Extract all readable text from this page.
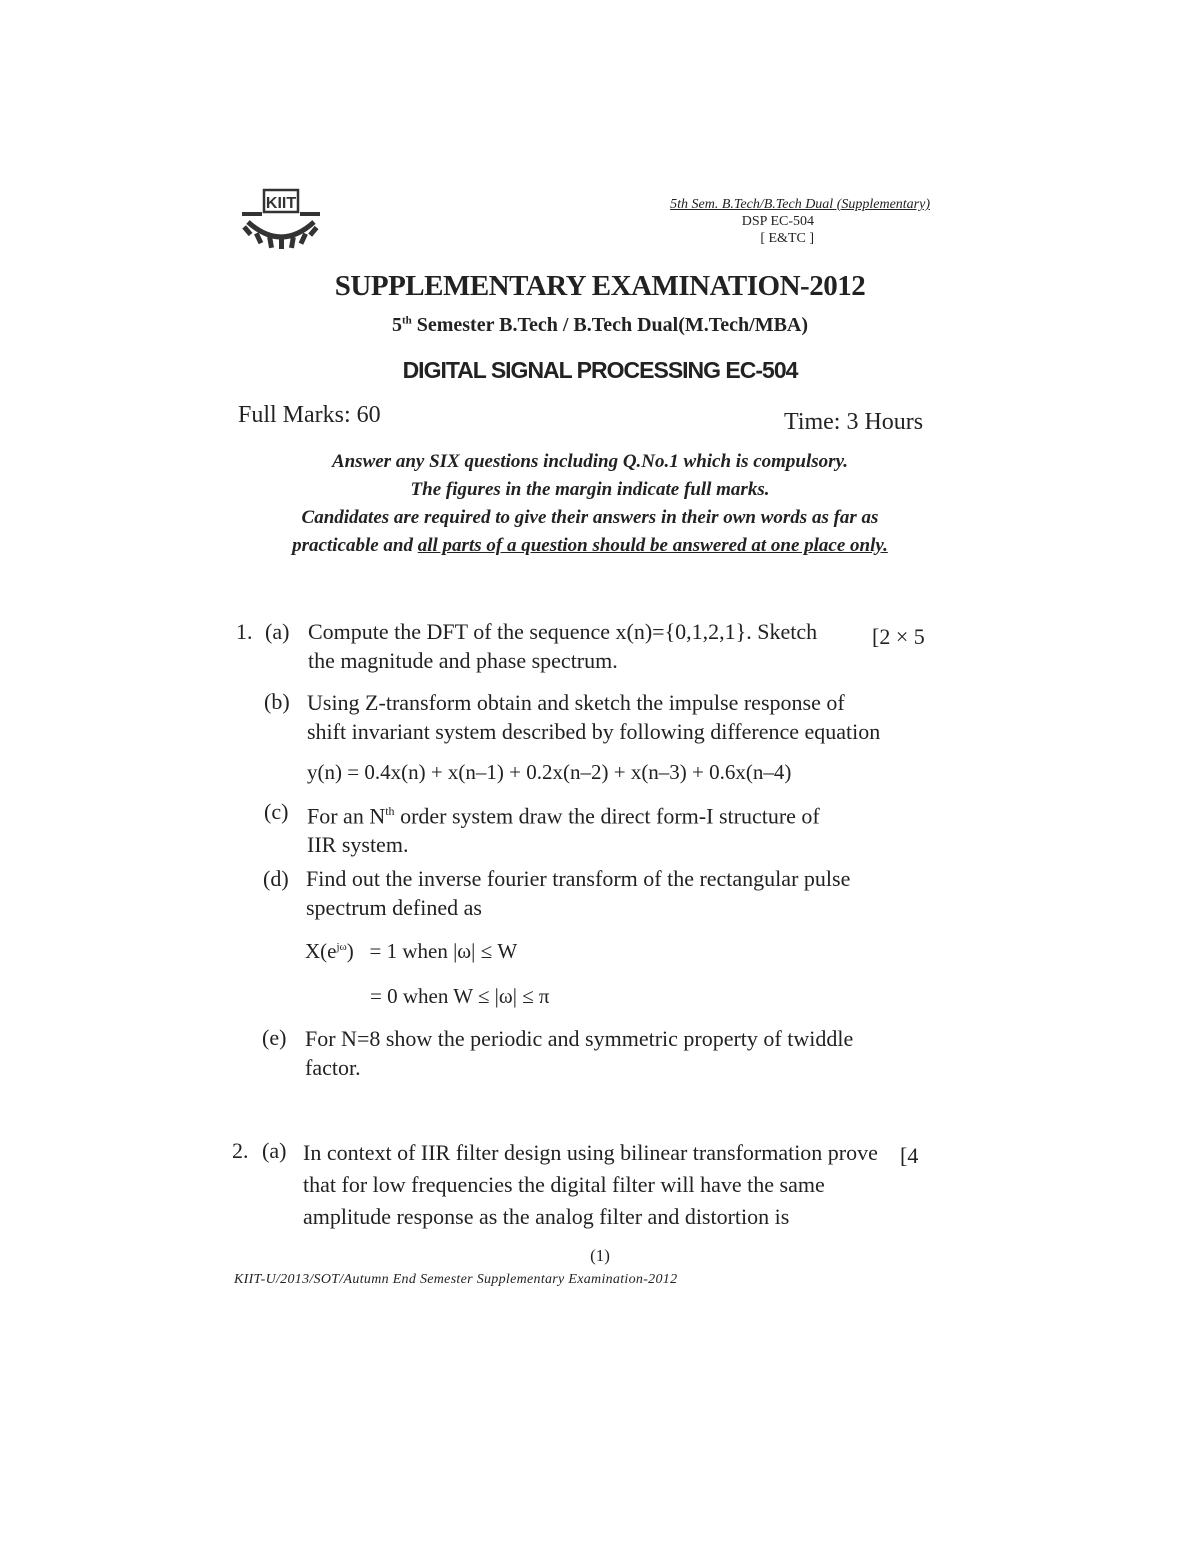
KIIT	5th Sem. B.Tech/B.Tech Dual (Supplementary)
DSP EC-504
[ E&TC ]
SUPPLEMENTARY EXAMINATION-2012
5th Semester B.Tech / B.Tech Dual(M.Tech/MBA)
DIGITAL SIGNAL PROCESSING EC-504
Full Marks: 60	Time: 3 Hours
Answer any SIX questions including Q.No.1 which is compulsory.
The figures in the margin indicate full marks.
Candidates are required to give their answers in their own words as far as
practicable and all parts of a question should be answered at one place only.
1.	[2 × 5
(a) Compute the DFT of the sequence x(n)={0,1,2,1}. Sketch
the magnitude and phase spectrum.
(b) Using Z-transform obtain and sketch the impulse response of
shift invariant system described by following difference equation
y(n) = 0.4x(n) + x(n–1) + 0.2x(n–2) + x(n–3) + 0.6x(n–4)
(c) For an $N^{th}$ order system draw the direct form-I structure of
IIR system.
(d) Find out the inverse fourier transform of the rectangular pulse
spectrum defined as
$X(e^{j\omega}) = 1$ when |ω| ≤ W
= 0 when W ≤ |ω| ≤ π
(e) For N=8 show the periodic and symmetric property of twiddle
factor.
2. (a)	[4
In context of IIR filter design using bilinear transformation prove
that for low frequencies the digital filter will have the same
amplitude response as the analog filter and distortion is
(1)
KIIT-U/2013/SOT/Autumn End Semester Supplementary Examination-2012
